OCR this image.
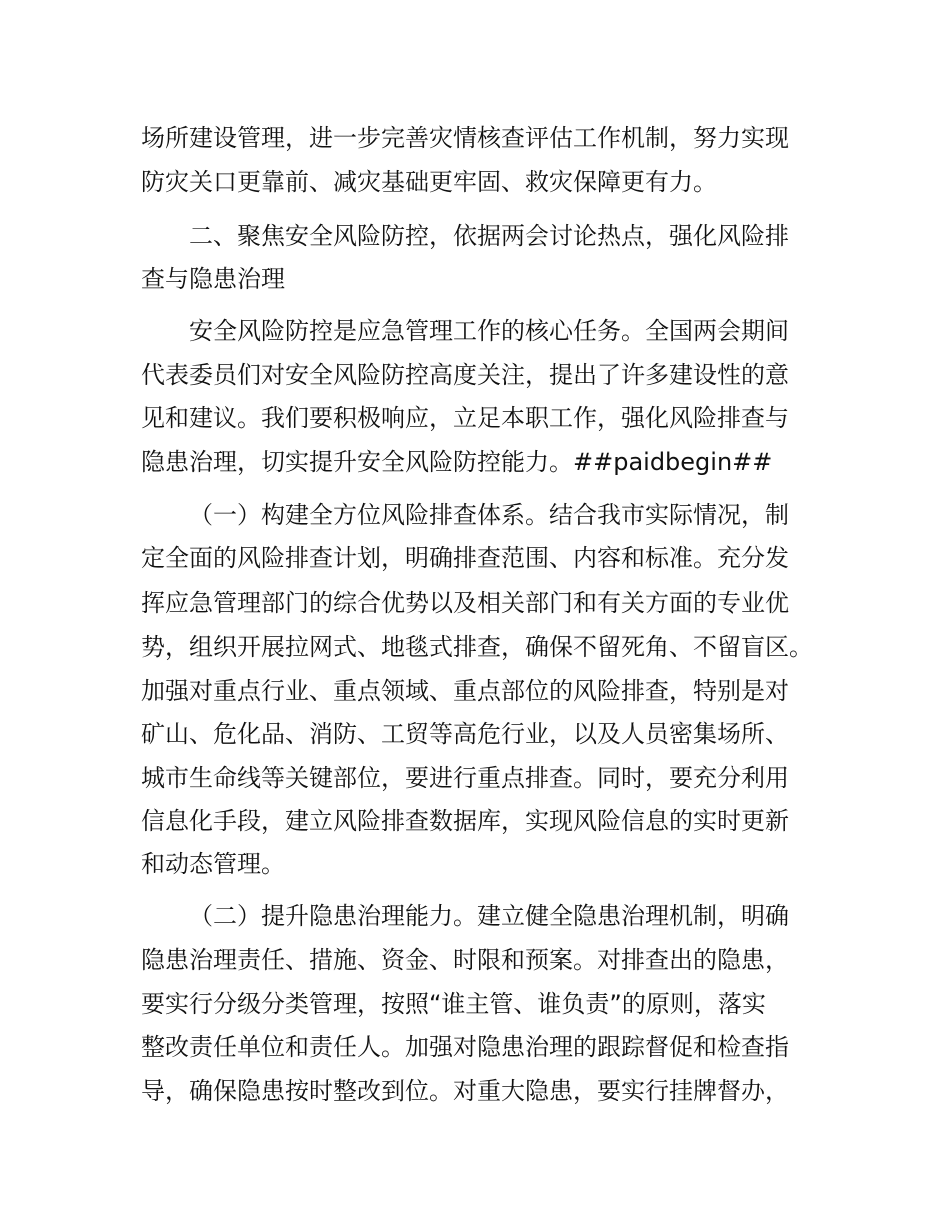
场所建设管理，进一步完善灾情核查评估工作机制，努力实现
防灾关口更靠前、减灾基础更牢固、救灾保障更有力。
二、聚焦安全风险防控，依据两会讨论热点，强化风险排
查与隐患治理
安全风险防控是应急管理工作的核心任务。全国两会期间
代表委员们对安全风险防控高度关注，提出了许多建设性的意
见和建议。我们要积极响应，立足本职工作，强化风险排查与
隐患治理，切实提升安全风险防控能力。##paidbegin##
（一）构建全方位风险排查体系。结合我市实际情况，制
定全面的风险排查计划，明确排查范围、内容和标准。充分发
挥应急管理部门的综合优势以及相关部门和有关方面的专业优
势，组织开展拉网式、地毯式排查，确保不留死角、不留盲区。
加强对重点行业、重点领域、重点部位的风险排查，特别是对
矿山、危化品、消防、工贸等高危行业，以及人员密集场所、
城市生命线等关键部位，要进行重点排查。同时，要充分利用
信息化手段，建立风险排查数据库，实现风险信息的实时更新
和动态管理。
（二）提升隐患治理能力。建立健全隐患治理机制，明确
隐患治理责任、措施、资金、时限和预案。对排查出的隐患，
要实行分级分类管理，按照“谁主管、谁负责”的原则，落实
整改责任单位和责任人。加强对隐患治理的跟踪督促和检查指
导，确保隐患按时整改到位。对重大隐患，要实行挂牌督办，
